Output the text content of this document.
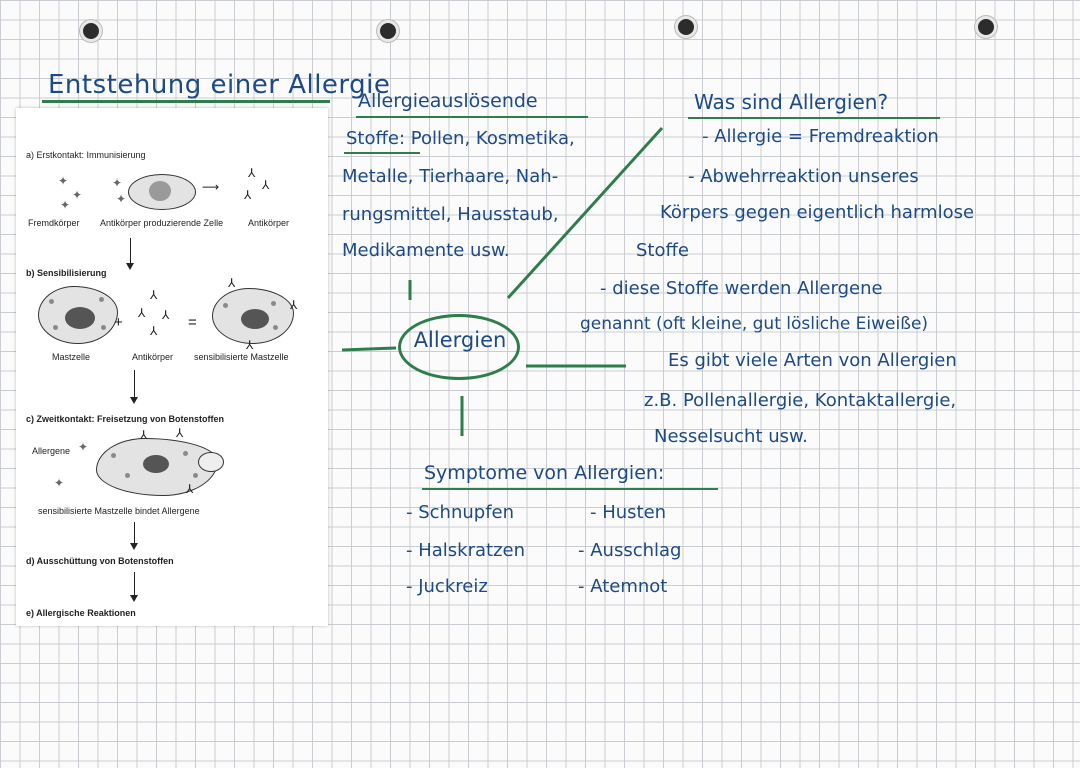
Entstehung einer Allergie
a) Erstkontakt: Immunisierung
✦
✦
✦
✦
✦
⟶
⅄
⅄
⅄
Fremdkörper Antikörper produzierende Zelle	Antikörper
b) Sensibilisierung
+
⅄
⅄ ⅄
⅄ =
⅄
⅄
⅄
Mastzelle	Antikörper sensibilisierte Mastzelle
c) Zweitkontakt: Freisetzung von Botenstoffen
Allergene ✦
✦
⅄ ⅄
⅄
sensibilisierte Mastzelle bindet Allergene
d) Ausschüttung von Botenstoffen
e) Allergische Reaktionen
Allergieauslösende
Stoffe: Pollen, Kosmetika,
Metalle, Tierhaare, Nah-
rungsmittel, Hausstaub,
Medikamente usw.
Was sind Allergien?
- Allergie = Fremdreaktion
- Abwehrreaktion unseres
Körpers gegen eigentlich harmlose
Stoffe
- diese Stoffe werden Allergene
genannt (oft kleine, gut lösliche Eiweiße)
Es gibt viele Arten von Allergien
z.B. Pollenallergie, Kontaktallergie,
Nesselsucht usw.
Allergien
Symptome von Allergien:
- Schnupfen
- Halskratzen
- Juckreiz
- Husten
- Ausschlag
- Atemnot
